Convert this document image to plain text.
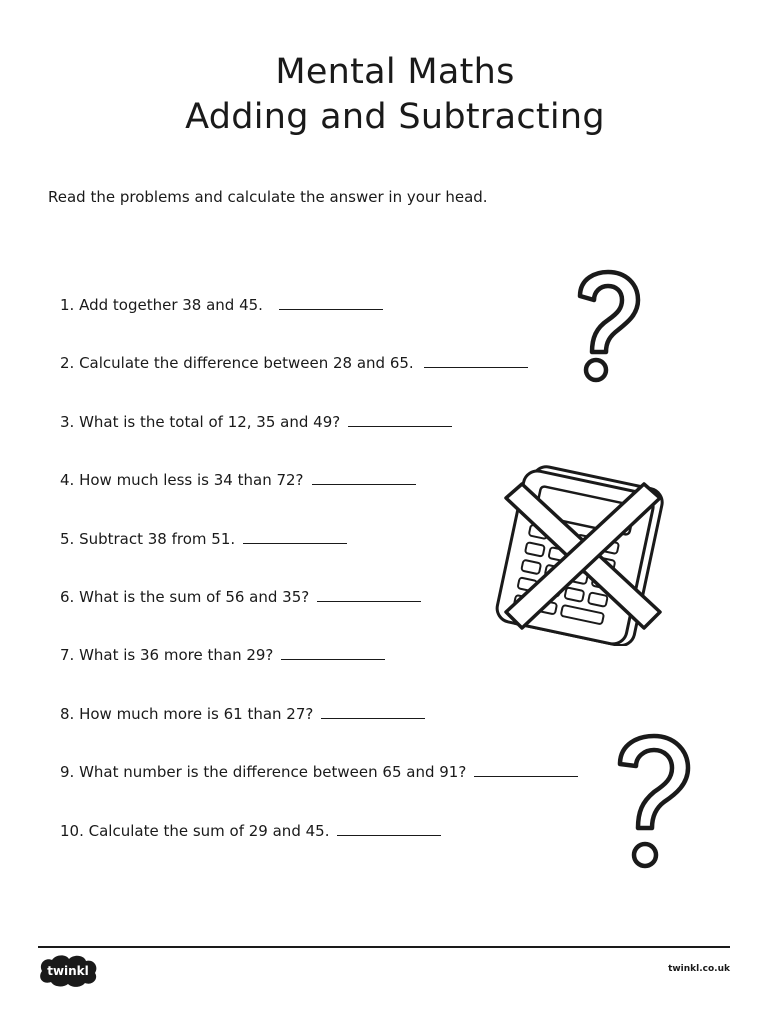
Mental Maths
Adding and Subtracting
Read the problems and calculate the answer in your head.
1. Add together 38 and 45.
2. Calculate the difference between 28 and 65.
3. What is the total of 12, 35 and 49?
4. How much less is 34 than 72?
5. Subtract 38 from 51.
6. What is the sum of 56 and 35?
7. What is 36 more than 29?
8. How much more is 61 than 27?
9. What number is the difference between 65 and 91?
10. Calculate the sum of 29 and 45.
twinkl	twinkl.co.uk
